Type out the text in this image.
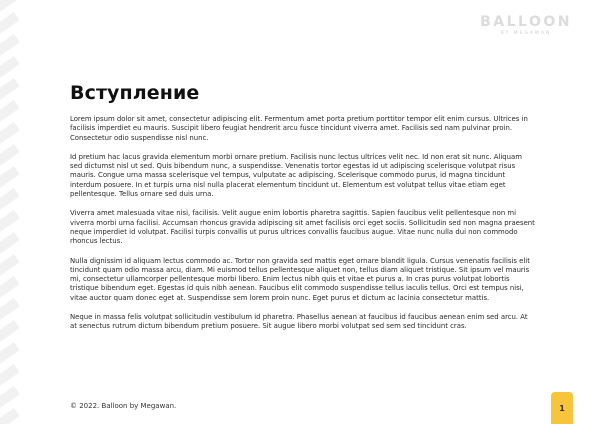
BALLOON
BY MEGAWAN
Вступление

Lorem ipsum dolor sit amet, consectetur adipiscing elit. Fermentum amet porta pretium porttitor tempor elit enim cursus. Ultrices in facilisis imperdiet eu mauris. Suscipit libero feugiat hendrerit arcu fusce tincidunt viverra amet. Facilisis sed nam pulvinar proin. Consectetur odio suspendisse nisl nunc.

Id pretium hac lacus gravida elementum morbi ornare pretium. Facilisis nunc lectus ultrices velit nec. Id non erat sit nunc. Aliquam sed dictumst nisl ut sed. Quis bibendum nunc, a suspendisse. Venenatis tortor egestas id ut adipiscing scelerisque volutpat risus mauris. Congue urna massa scelerisque vel tempus, vulputate ac adipiscing. Scelerisque commodo purus, id magna tincidunt interdum posuere. In et turpis urna nisl nulla placerat elementum tincidunt ut. Elementum est volutpat tellus vitae etiam eget pellentesque. Tellus ornare sed duis urna.

Viverra amet malesuada vitae nisi, facilisis. Velit augue enim lobortis pharetra sagittis. Sapien faucibus velit pellentesque non mi viverra morbi urna facilisi. Accumsan rhoncus gravida adipiscing sit amet facilisis orci eget sociis. Sollicitudin sed non magna praesent neque imperdiet id volutpat. Facilisi turpis convallis ut purus ultrices convallis faucibus augue. Vitae nunc nulla dui non commodo rhoncus lectus.

Nulla dignissim id aliquam lectus commodo ac. Tortor non gravida sed mattis eget ornare blandit ligula. Cursus venenatis facilisis elit tincidunt quam odio massa arcu, diam. Mi euismod tellus pellentesque aliquet non, tellus diam aliquet tristique. Sit ipsum vel mauris mi, consectetur ullamcorper pellentesque morbi libero. Enim lectus nibh quis et vitae et purus a. In cras purus volutpat lobortis tristique bibendum eget. Egestas id quis nibh aenean. Faucibus elit commodo suspendisse tellus iaculis tellus. Orci est tempus nisi, vitae auctor quam donec eget at. Suspendisse sem lorem proin nunc. Eget purus et dictum ac lacinia consectetur mattis.

Neque in massa felis volutpat sollicitudin vestibulum id pharetra. Phasellus aenean at faucibus id faucibus aenean enim sed arcu. At at senectus rutrum dictum bibendum pretium posuere. Sit augue libero morbi volutpat sed sem sed tincidunt cras.

© 2022. Balloon by Megawan.	1
